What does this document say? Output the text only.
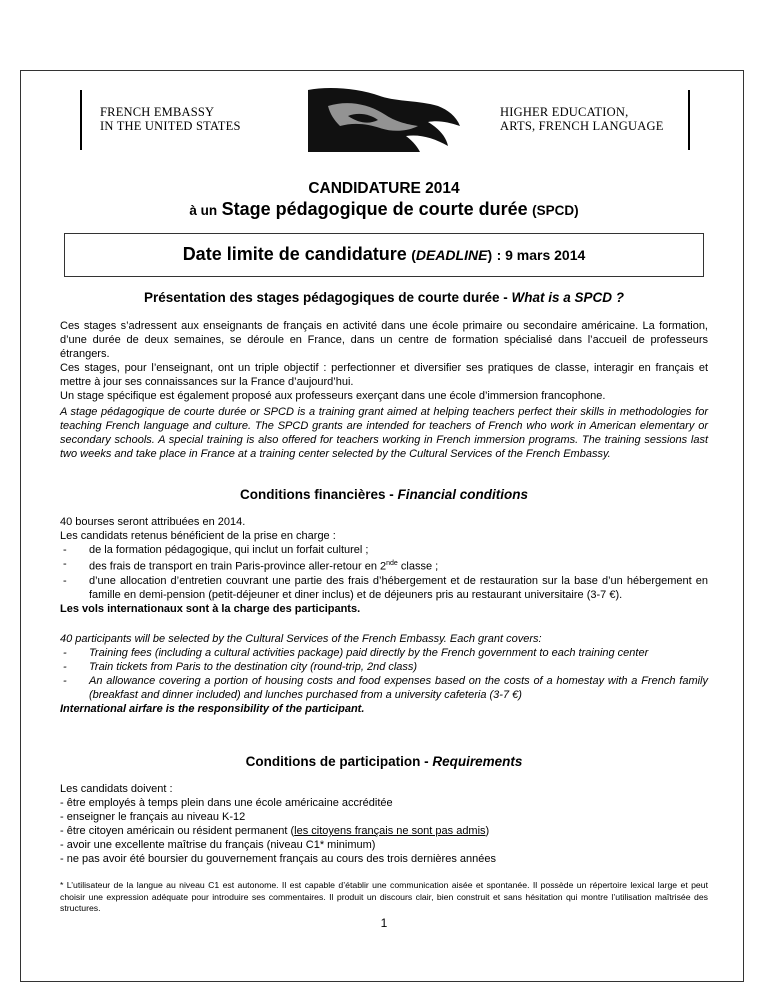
FRENCH EMBASSY
IN THE UNITED STATES
HIGHER EDUCATION,
ARTS, FRENCH LANGUAGE
CANDIDATURE 2014
à un Stage pédagogique de courte durée (SPCD)
Date limite de candidature (DEADLINE) : 9 mars 2014
Présentation des stages pédagogiques de courte durée - What is a SPCD ?
Ces stages s’adressent aux enseignants de français en activité dans une école primaire ou secondaire américaine. La formation, d’une durée de deux semaines, se déroule en France, dans un centre de formation spécialisé dans l’accueil de professeurs étrangers.
Ces stages, pour l’enseignant, ont un triple objectif : perfectionner et diversifier ses pratiques de classe, interagir en français et mettre à jour ses connaissances sur la France d’aujourd’hui.
Un stage spécifique est également proposé aux professeurs exerçant dans une école d’immersion francophone.
A stage pédagogique de courte durée or SPCD is a training grant aimed at helping teachers perfect their skills in methodologies for teaching French language and culture. The SPCD grants are intended for teachers of French who work in American elementary or secondary schools. A special training is also offered for teachers working in French immersion programs. The training sessions last two weeks and take place in France at a training center selected by the Cultural Services of the French Embassy.
Conditions financières - Financial conditions
40 bourses seront attribuées en 2014.
Les candidats retenus bénéficient de la prise en charge :
- de la formation pédagogique, qui inclut un forfait culturel ;
- des frais de transport en train Paris-province aller-retour en 2nde classe ;
- d’une allocation d’entretien couvrant une partie des frais d’hébergement et de restauration sur la base d’un hébergement en famille en demi-pension (petit-déjeuner et diner inclus) et de déjeuners pris au restaurant universitaire (3-7 €).
Les vols internationaux sont à la charge des participants.
40 participants will be selected by the Cultural Services of the French Embassy. Each grant covers:
- Training fees (including a cultural activities package) paid directly by the French government to each training center
- Train tickets from Paris to the destination city (round-trip, 2nd class)
- An allowance covering a portion of housing costs and food expenses based on the costs of a homestay with a French family (breakfast and dinner included) and lunches purchased from a university cafeteria (3-7 €)
International airfare is the responsibility of the participant.
Conditions de participation - Requirements
Les candidats doivent :
- être employés à temps plein dans une école américaine accréditée
- enseigner le français au niveau K-12
- être citoyen américain ou résident permanent (les citoyens français ne sont pas admis)
- avoir une excellente maîtrise du français (niveau C1* minimum)
- ne pas avoir été boursier du gouvernement français au cours des trois dernières années
* L’utilisateur de la langue au niveau C1 est autonome. Il est capable d’établir une communication aisée et spontanée. Il possède un répertoire lexical large et peut choisir une expression adéquate pour introduire ses commentaires. Il produit un discours clair, bien construit et sans hésitation qui montre l’utilisation maîtrisée des structures.
1
